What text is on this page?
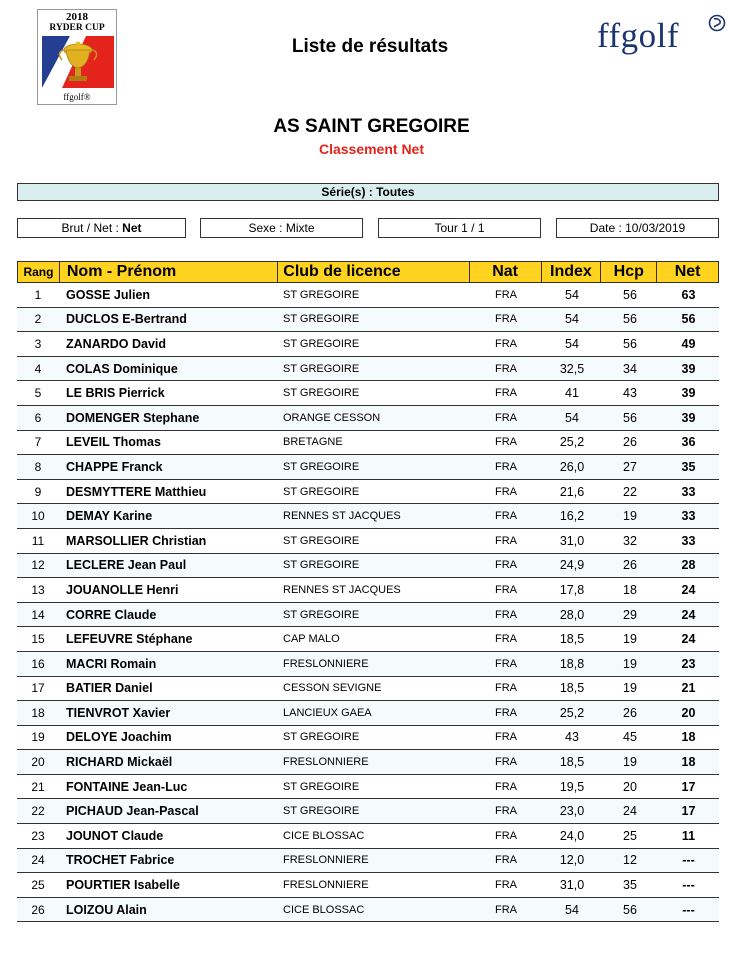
2018
RYDER CUP
ffgolf®
Liste de résultats	ffgolf
AS SAINT GREGOIRE
Classement Net
Série(s) : Toutes
Brut / Net : Net	Sexe : Mixte	Tour 1 / 1	Date : 10/03/2019
Rang Nom - Prénom	Club de licence	Nat	Index	Hcp	Net
1	GOSSE Julien	ST GREGOIRE	FRA	54	56	63
2	DUCLOS E-Bertrand	ST GREGOIRE	FRA	54	56	56
3	ZANARDO David	ST GREGOIRE	FRA	54	56	49
4	COLAS Dominique	ST GREGOIRE	FRA	32,5	34	39
5	LE BRIS Pierrick	ST GREGOIRE	FRA	41	43	39
6	DOMENGER Stephane	ORANGE CESSON	FRA	54	56	39
7	LEVEIL Thomas	BRETAGNE	FRA	25,2	26	36
8	CHAPPE Franck	ST GREGOIRE	FRA	26,0	27	35
9	DESMYTTERE Matthieu	ST GREGOIRE	FRA	21,6	22	33
10	DEMAY Karine	RENNES ST JACQUES	FRA	16,2	19	33
11	MARSOLLIER Christian	ST GREGOIRE	FRA	31,0	32	33
12	LECLERE Jean Paul	ST GREGOIRE	FRA	24,9	26	28
13	JOUANOLLE Henri	RENNES ST JACQUES	FRA	17,8	18	24
14	CORRE Claude	ST GREGOIRE	FRA	28,0	29	24
15	LEFEUVRE Stéphane	CAP MALO	FRA	18,5	19	24
16	MACRI Romain	FRESLONNIERE	FRA	18,8	19	23
17	BATIER Daniel	CESSON SEVIGNE	FRA	18,5	19	21
18	TIENVROT Xavier	LANCIEUX GAEA	FRA	25,2	26	20
19	DELOYE Joachim	ST GREGOIRE	FRA	43	45	18
20	RICHARD Mickaël	FRESLONNIERE	FRA	18,5	19	18
21	FONTAINE Jean-Luc	ST GREGOIRE	FRA	19,5	20	17
22	PICHAUD Jean-Pascal	ST GREGOIRE	FRA	23,0	24	17
23	JOUNOT Claude	CICE BLOSSAC	FRA	24,0	25	11
24	TROCHET Fabrice	FRESLONNIERE	FRA	12,0	12	---
25	POURTIER Isabelle	FRESLONNIERE	FRA	31,0	35	---
26	LOIZOU Alain	CICE BLOSSAC	FRA	54	56	---
